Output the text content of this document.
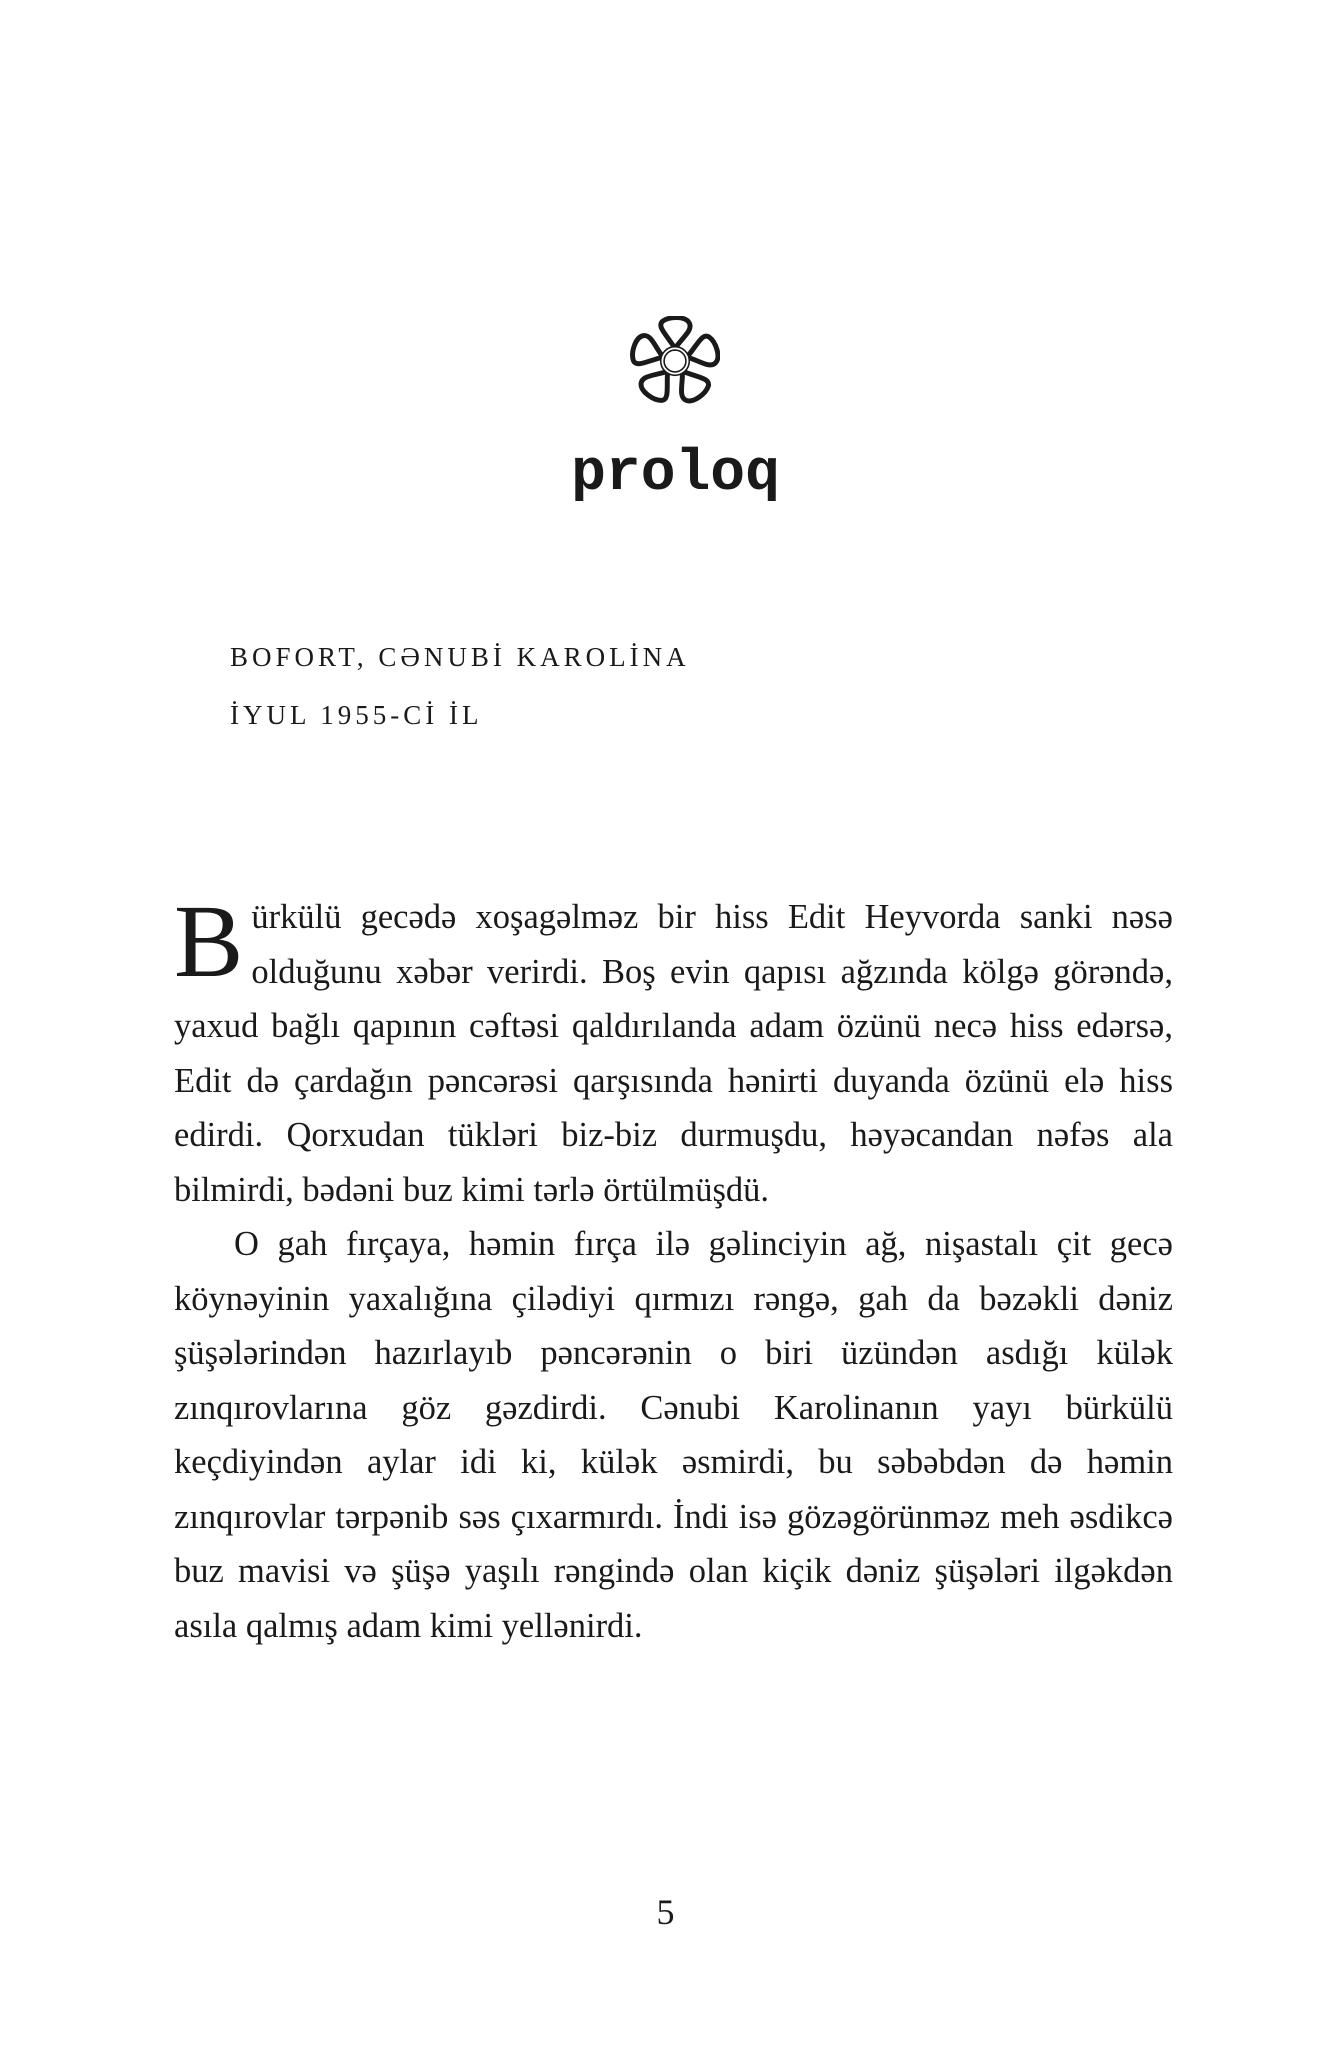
proloq
BOFORT, CƏNUBİ KAROLİNA
İYUL 1955-Cİ İL

Bürkülü gecədə xoşagəlməz bir hiss Edit Heyvorda sanki nəsə olduğunu xəbər verirdi. Boş evin qapısı ağzında kölgə görəndə, yaxud bağlı qapının cəftəsi qaldırılanda adam özünü necə hiss edərsə, Edit də çardağın pəncərəsi qarşısında hənirti duyanda özünü elə hiss edirdi. Qorxudan tükləri biz-biz durmuşdu, həyəcandan nəfəs ala bilmirdi, bədəni buz kimi tərlə örtülmüşdü.

O gah fırçaya, həmin fırça ilə gəlinciyin ağ, nişastalı çit gecə köynəyinin yaxalığına çilədiyi qırmızı rəngə, gah da bəzəkli dəniz şüşələrindən hazırlayıb pəncərənin o biri üzündən asdığı külək zınqırovlarına göz gəzdirdi. Cənubi Karolinanın yayı bürkülü keçdiyindən aylar idi ki, külək əsmirdi, bu səbəbdən də həmin zınqırovlar tərpənib səs çıxarmırdı. İndi isə gözəgörünməz meh əsdikcə buz mavisi və şüşə yaşılı rəngində olan kiçik dəniz şüşələri ilgəkdən asıla qalmış adam kimi yellənirdi.

5
